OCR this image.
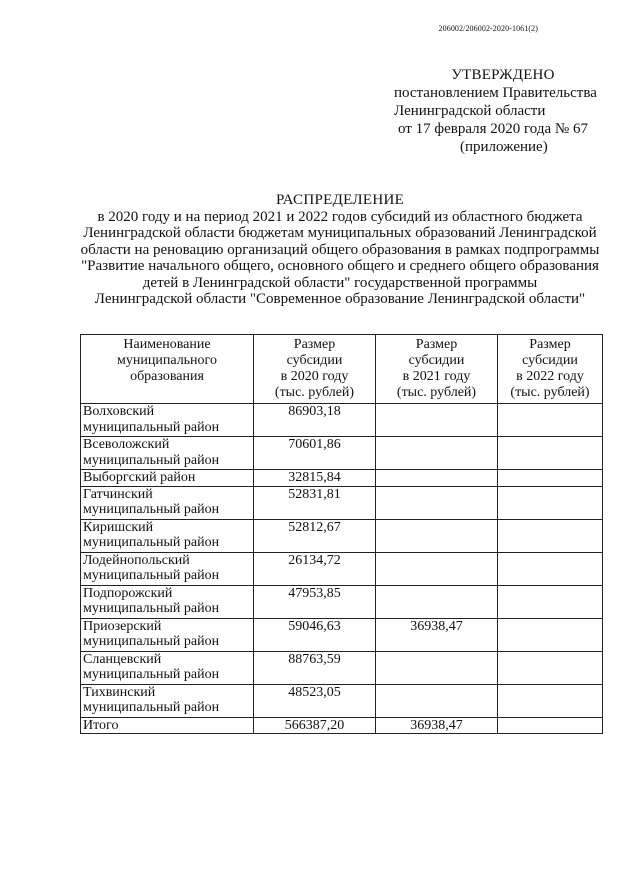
206002/206002-2020-1061(2)
УТВЕРЖДЕНО
постановлением Правительства
Ленинградской области
от 17 февраля 2020 года № 67
(приложение)
РАСПРЕДЕЛЕНИЕ
в 2020 году и на период 2021 и 2022 годов субсидий из областного бюджета
Ленинградской области бюджетам муниципальных образований Ленинградской
области на реновацию организаций общего образования в рамках подпрограммы
"Развитие начального общего, основного общего и среднего общего образования
детей в Ленинградской области" государственной программы
Ленинградской области "Современное образование Ленинградской области"
Наименование
муниципального
образования	Размер
субсидии
в 2020 году
(тыс. рублей)	Размер
субсидии
в 2021 году
(тыс. рублей)	Размер
субсидии
в 2022 году
(тыс. рублей)

Волховский
муниципальный район	86903,18		

Всеволожский
муниципальный район	70601,86		

Выборгский район	32815,84		

Гатчинский
муниципальный район	52831,81		

Киришский
муниципальный район	52812,67		

Лодейнопольский
муниципальный район	26134,72		

Подпорожский
муниципальный район	47953,85		

Приозерский
муниципальный район	59046,63	36938,47	

Сланцевский
муниципальный район	88763,59		

Тихвинский
муниципальный район	48523,05		

Итого	566387,20	36938,47	
